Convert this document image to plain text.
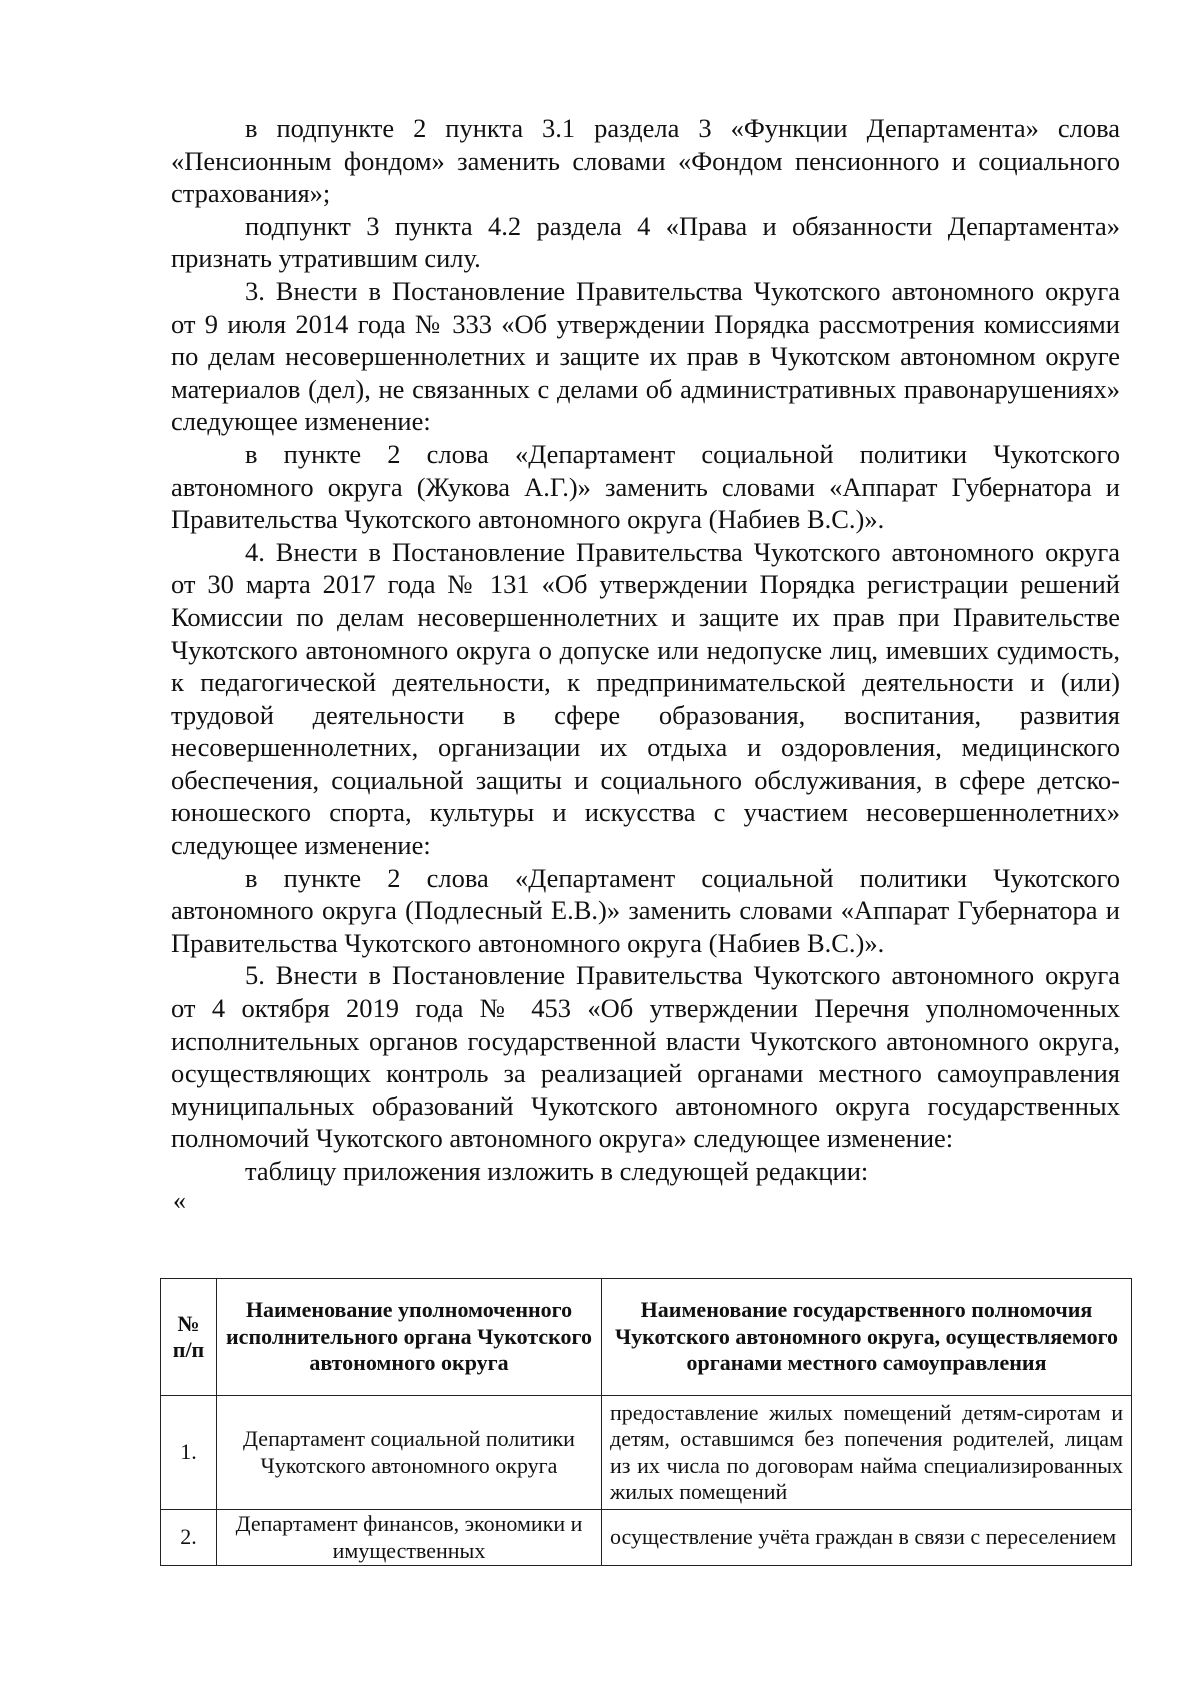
в подпункте 2 пункта 3.1 раздела 3 «Функции Департамента» слова «Пенсионным фондом» заменить словами «Фондом пенсионного и социального страхования»;

подпункт 3 пункта 4.2 раздела 4 «Права и обязанности Департамента» признать утратившим силу.

3. Внести в Постановление Правительства Чукотского автономного округа от 9 июля 2014 года № 333 «Об утверждении Порядка рассмотрения комиссиями по делам несовершеннолетних и защите их прав в Чукотском автономном округе материалов (дел), не связанных с делами об административных правонарушениях» следующее изменение:

в пункте 2 слова «Департамент социальной политики Чукотского автономного округа (Жукова А.Г.)» заменить словами «Аппарат Губернатора и Правительства Чукотского автономного округа (Набиев В.С.)».

4. Внести в Постановление Правительства Чукотского автономного округа от 30 марта 2017 года № 131 «Об утверждении Порядка регистрации решений Комиссии по делам несовершеннолетних и защите их прав при Правительстве Чукотского автономного округа о допуске или недопуске лиц, имевших судимость, к педагогической деятельности, к предпринимательской деятельности и (или) трудовой деятельности в сфере образования, воспитания, развития несовершеннолетних, организации их отдыха и оздоровления, медицинского обеспечения, социальной защиты и социального обслуживания, в сфере детско-юношеского спорта, культуры и искусства с участием несовершеннолетних» следующее изменение:

в пункте 2 слова «Департамент социальной политики Чукотского автономного округа (Подлесный Е.В.)» заменить словами «Аппарат Губернатора и Правительства Чукотского автономного округа (Набиев В.С.)».

5. Внести в Постановление Правительства Чукотского автономного округа от 4 октября 2019 года № 453 «Об утверждении Перечня уполномоченных исполнительных органов государственной власти Чукотского автономного округа, осуществляющих контроль за реализацией органами местного самоуправления муниципальных образований Чукотского автономного округа государственных полномочий Чукотского автономного округа» следующее изменение:

таблицу приложения изложить в следующей редакции:

«
№ п/п	Наименование уполномоченного исполнительного органа Чукотского автономного округа	Наименование государственного полномочия Чукотского автономного округа, осуществляемого органами местного самоуправления
1.	Департамент социальной политики Чукотского автономного округа	предоставление жилых помещений детям-сиротам и детям, оставшимся без попечения родителей, лицам из их числа по договорам найма специализированных жилых помещений
2.	Департамент финансов, экономики и имущественных	осуществление учёта граждан в связи с переселением
